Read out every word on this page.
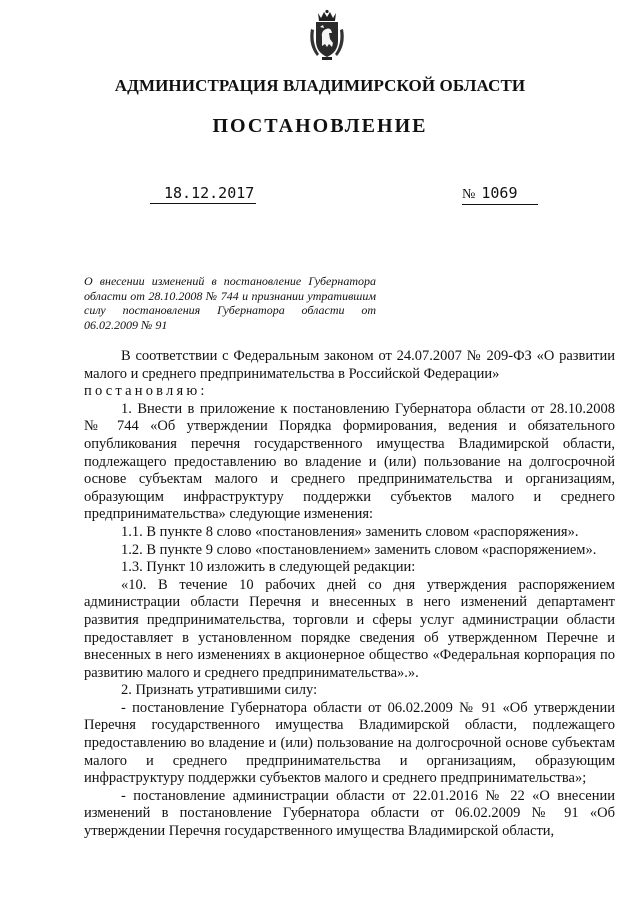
АДМИНИСТРАЦИЯ ВЛАДИМИРСКОЙ ОБЛАСТИ
ПОСТАНОВЛЕНИЕ
18.12.2017	№ 1069
О внесении изменений в постановление Губернатора области от 28.10.2008 № 744 и признании утратившим силу постановления Губернатора области от 06.02.2009 № 91

В соответствии с Федеральным законом от 24.07.2007 № 209-ФЗ «О развитии малого и среднего предпринимательства в Российской Федерации»

постановляю:

1. Внести в приложение к постановлению Губернатора области от 28.10.2008 № 744 «Об утверждении Порядка формирования, ведения и обязательного опубликования перечня государственного имущества Владимирской области, подлежащего предоставлению во владение и (или) пользование на долгосрочной основе субъектам малого и среднего предпринимательства и организациям, образующим инфраструктуру поддержки субъектов малого и среднего предпринимательства» следующие изменения:

1.1. В пункте 8 слово «постановления» заменить словом «распоряжения».

1.2. В пункте 9 слово «постановлением» заменить словом «распоряжением».

1.3. Пункт 10 изложить в следующей редакции:

«10. В течение 10 рабочих дней со дня утверждения распоряжением администрации области Перечня и внесенных в него изменений департамент развития предпринимательства, торговли и сферы услуг администрации области предоставляет в установленном порядке сведения об утвержденном Перечне и внесенных в него изменениях в акционерное общество «Федеральная корпорация по развитию малого и среднего предпринимательства».».

2. Признать утратившими силу:

- постановление Губернатора области от 06.02.2009 № 91 «Об утверждении Перечня государственного имущества Владимирской области, подлежащего предоставлению во владение и (или) пользование на долгосрочной основе субъектам малого и среднего предпринимательства и организациям, образующим инфраструктуру поддержки субъектов малого и среднего предпринимательства»;

- постановление администрации области от 22.01.2016 № 22 «О внесении изменений в постановление Губернатора области от 06.02.2009 № 91 «Об утверждении Перечня государственного имущества Владимирской области,
